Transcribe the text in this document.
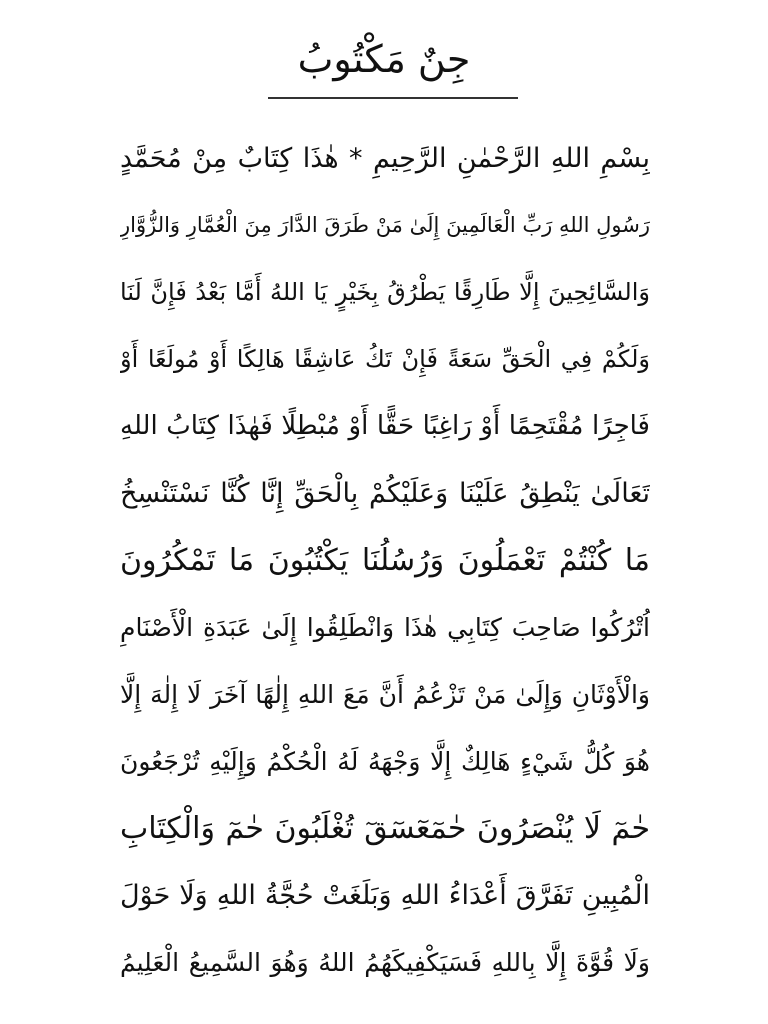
جِنٌ مَكْتُوبُ
بِسْمِ اللهِ الرَّحْمٰنِ الرَّحِيمِ * هٰذَا كِتَابٌ مِنْ مُحَمَّدٍ
رَسُولِ اللهِ رَبِّ الْعَالَمِينَ إِلَىٰ مَنْ طَرَقَ الدَّارَ مِنَ الْعُمَّارِ وَالزُّوَّارِ
وَالسَّائِحِينَ إِلَّا طَارِقًا يَطْرُقُ بِخَيْرٍ يَا اللهُ أَمَّا بَعْدُ فَإِنَّ لَنَا
وَلَكُمْ فِي الْحَقِّ سَعَةً فَإِنْ تَكُ عَاشِقًا هَالِكًا أَوْ مُولَعًا أَوْ
فَاجِرًا مُقْتَحِمًا أَوْ رَاغِبًا حَقًّا أَوْ مُبْطِلًا فَهٰذَا كِتَابُ اللهِ
تَعَالَىٰ يَنْطِقُ عَلَيْنَا وَعَلَيْكُمْ بِالْحَقِّ إِنَّا كُنَّا نَسْتَنْسِخُ
مَا كُنْتُمْ تَعْمَلُونَ وَرُسُلُنَا يَكْتُبُونَ مَا تَمْكُرُونَ
اُتْرُكُوا صَاحِبَ كِتَابِي هٰذَا وَانْطَلِقُوا إِلَىٰ عَبَدَةِ الْأَصْنَامِ
وَالْأَوْثَانِ وَإِلَىٰ مَنْ تَزْعُمُ أَنَّ مَعَ اللهِ إِلٰهًا آخَرَ لَا إِلٰهَ إِلَّا
هُوَ كُلُّ شَيْءٍ هَالِكٌ إِلَّا وَجْهَهُ لَهُ الْحُكْمُ وَإِلَيْهِ تُرْجَعُونَ
حٰمٓ لَا يُنْصَرُونَ حٰمٓعٓسٓقٓ تُغْلَبُونَ حٰمٓ وَالْكِتَابِ
الْمُبِينِ تَفَرَّقَ أَعْدَاءُ اللهِ وَبَلَغَتْ حُجَّةُ اللهِ وَلَا حَوْلَ
وَلَا قُوَّةَ إِلَّا بِاللهِ فَسَيَكْفِيكَهُمُ اللهُ وَهُوَ السَّمِيعُ الْعَلِيمُ
